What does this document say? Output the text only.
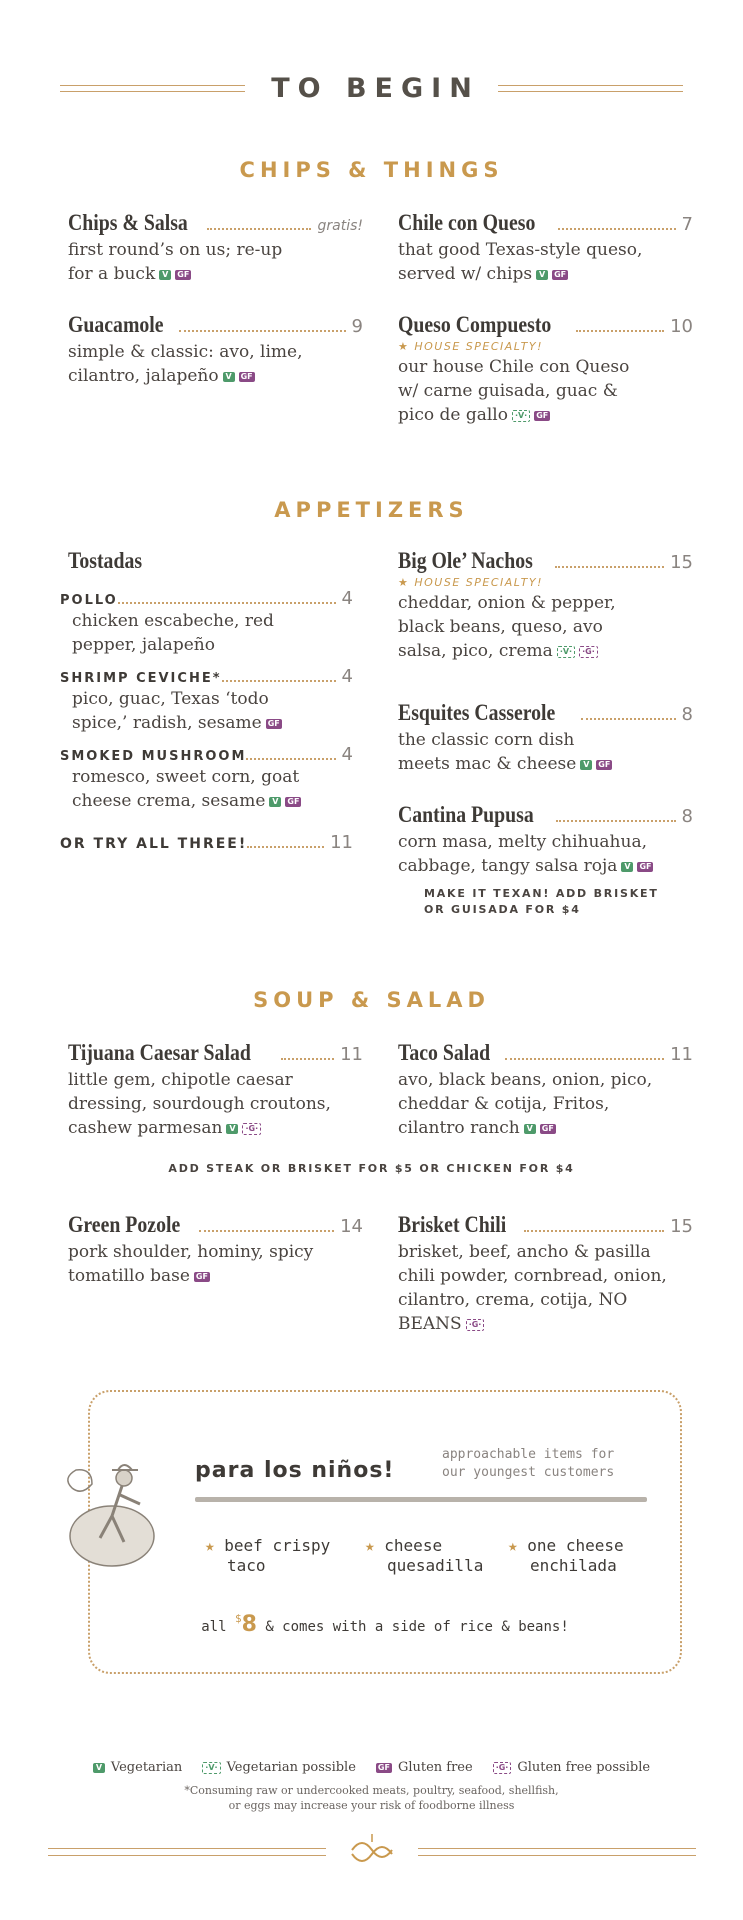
TO BEGIN
CHIPS & THINGS
Chips & Salsa	gratis!
first round’s on us; re-up
for a buck V GF
Chile con Queso	7
that good Texas-style queso,
served w/ chips V GF
Guacamole	9
simple & classic: avo, lime,
cilantro, jalapeño V GF
Queso Compuesto	10
★ HOUSE SPECIALTY!
our house Chile con Queso
w/ carne guisada, guac &
pico de gallo ·V· GF
APPETIZERS
Tostadas
POLLO	4
chicken escabeche, red
pepper, jalapeño
SHRIMP CEVICHE*	4
pico, guac, Texas ‘todo
spice,’ radish, sesame GF
SMOKED MUSHROOM	4
romesco, sweet corn, goat
cheese crema, sesame V GF
OR TRY ALL THREE!	11
Big Ole’ Nachos	15
★ HOUSE SPECIALTY!
cheddar, onion & pepper,
black beans, queso, avo
salsa, pico, crema ·V· ·G·
Esquites Casserole	8
the classic corn dish
meets mac & cheese V GF
Cantina Pupusa	8
corn masa, melty chihuahua,
cabbage, tangy salsa roja V GF
MAKE IT TEXAN! ADD BRISKET
OR GUISADA FOR $4
SOUP & SALAD
Tijuana Caesar Salad	11
little gem, chipotle caesar
dressing, sourdough croutons,
cashew parmesan V ·G·
Taco Salad	11
avo, black beans, onion, pico,
cheddar & cotija, Fritos,
cilantro ranch V GF
ADD STEAK OR BRISKET FOR $5 OR CHICKEN FOR $4
Green Pozole	14
pork shoulder, hominy, spicy
tomatillo base GF
Brisket Chili	15
brisket, beef, ancho & pasilla
chili powder, cornbread, onion,
cilantro, crema, cotija, NO
BEANS ·G·
para los niños!
approachable items for
our youngest customers
★ beef crispy
taco
★ cheese
quesadilla
★ one cheese
enchilada
all $8 & comes with a side of rice & beans!
V Vegetarian	·V· Vegetarian possible	GF Gluten free	·G· Gluten free possible
*Consuming raw or undercooked meats, poultry, seafood, shellfish,
or eggs may increase your risk of foodborne illness
